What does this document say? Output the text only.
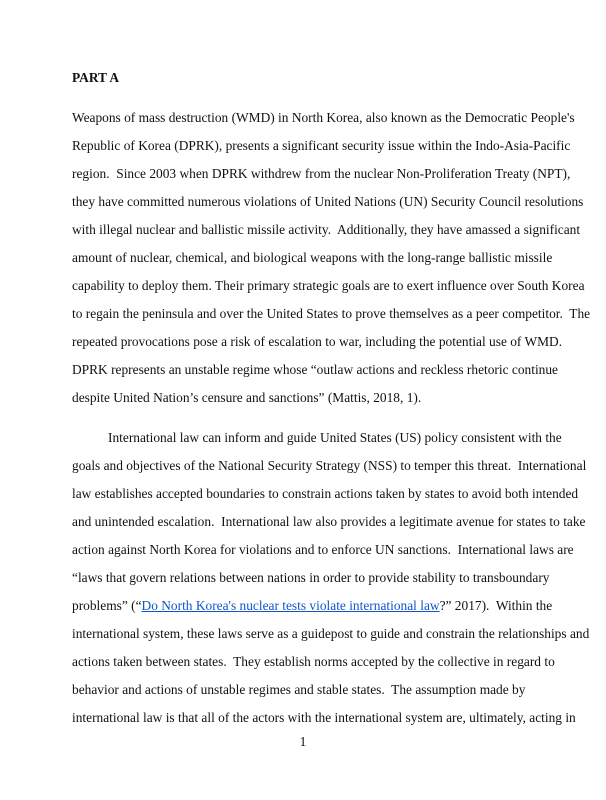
PART A
Weapons of mass destruction (WMD) in North Korea, also known as the Democratic People's
Republic of Korea (DPRK), presents a significant security issue within the Indo-Asia-Pacific
region.  Since 2003 when DPRK withdrew from the nuclear Non-Proliferation Treaty (NPT),
they have committed numerous violations of United Nations (UN) Security Council resolutions
with illegal nuclear and ballistic missile activity.  Additionally, they have amassed a significant
amount of nuclear, chemical, and biological weapons with the long-range ballistic missile
capability to deploy them. Their primary strategic goals are to exert influence over South Korea
to regain the peninsula and over the United States to prove themselves as a peer competitor.  The
repeated provocations pose a risk of escalation to war, including the potential use of WMD.
DPRK represents an unstable regime whose “outlaw actions and reckless rhetoric continue
despite United Nation’s censure and sanctions” (Mattis, 2018, 1).
International law can inform and guide United States (US) policy consistent with the
goals and objectives of the National Security Strategy (NSS) to temper this threat.  International
law establishes accepted boundaries to constrain actions taken by states to avoid both intended
and unintended escalation.  International law also provides a legitimate avenue for states to take
action against North Korea for violations and to enforce UN sanctions.  International laws are
“laws that govern relations between nations in order to provide stability to transboundary
problems” (“Do North Korea's nuclear tests violate international law?” 2017).  Within the
international system, these laws serve as a guidepost to guide and constrain the relationships and
actions taken between states.  They establish norms accepted by the collective in regard to
behavior and actions of unstable regimes and stable states.  The assumption made by
international law is that all of the actors with the international system are, ultimately, acting in
1
